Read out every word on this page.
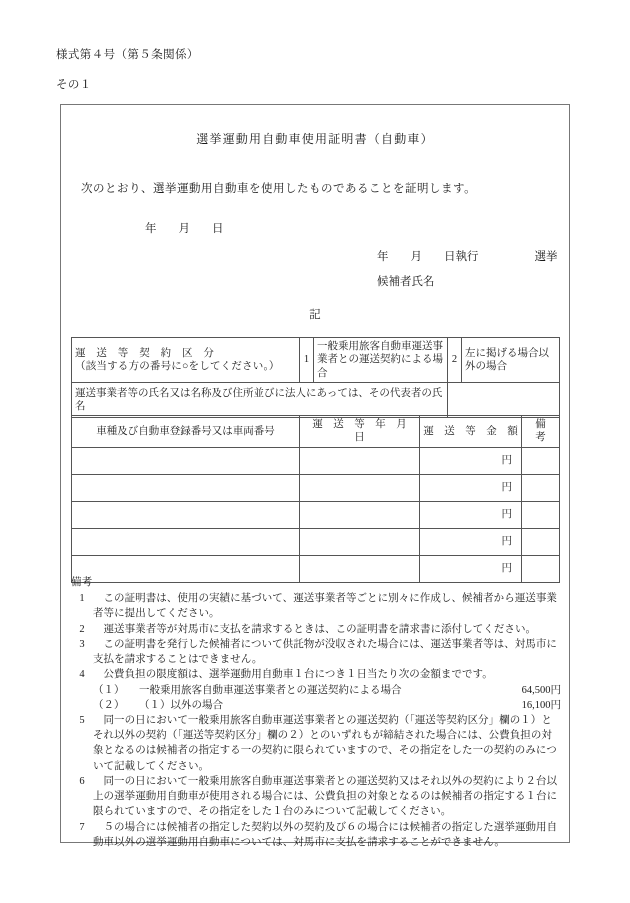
様式第４号（第５条関係）
その１
選挙運動用自動車使用証明書（自動車）
次のとおり、選挙運動用自動車を使用したものであることを証明します。
年 月 日
年 月 日執行	選挙
候補者氏名
記
運　送　等　契　約　区　分
（該当する方の番号に○をしてください。）	1	一般乗用旅客自動車運送事業者との運送契約による場合	2	左に掲げる場合以外の場合
運送事業者等の氏名又は名称及び住所並びに法人にあっては、その代表者の氏名				
車種及び自動車登録番号又は車両番号	運　送　等　年　月　日	運　送　等　金　額	備　考

		円	

		円	

		円	

		円	

		円	

備考
1	この証明書は、使用の実績に基づいて、運送事業者等ごとに別々に作成し、候補者から運送事業者等に提出してください。
2	運送事業者等が対馬市に支払を請求するときは、この証明書を請求書に添付してください。
3	この証明書を発行した候補者について供託物が没収された場合には、運送事業者等は、対馬市に支払を請求することはできません。
4	公費負担の限度額は、選挙運動用自動車１台につき１日当たり次の金額までです。
（１）	一般乗用旅客自動車運送事業者との運送契約による場合	64,500円
（２）	（１）以外の場合	16,100円
5	同一の日において一般乗用旅客自動車運送事業者との運送契約（「運送等契約区分」欄の１）とそれ以外の契約（「運送等契約区分」欄の２）とのいずれもが締結された場合には、公費負担の対象となるのは候補者の指定する一の契約に限られていますので、その指定をした一の契約のみについて記載してください。
6	同一の日において一般乗用旅客自動車運送事業者との運送契約又はそれ以外の契約により２台以上の選挙運動用自動車が使用される場合には、公費負担の対象となるのは候補者の指定する１台に限られていますので、その指定をした１台のみについて記載してください。
7	５の場合には候補者の指定した契約以外の契約及び６の場合には候補者の指定した選挙運動用自動車以外の選挙運動用自動車については、対馬市に支払を請求することができません。
